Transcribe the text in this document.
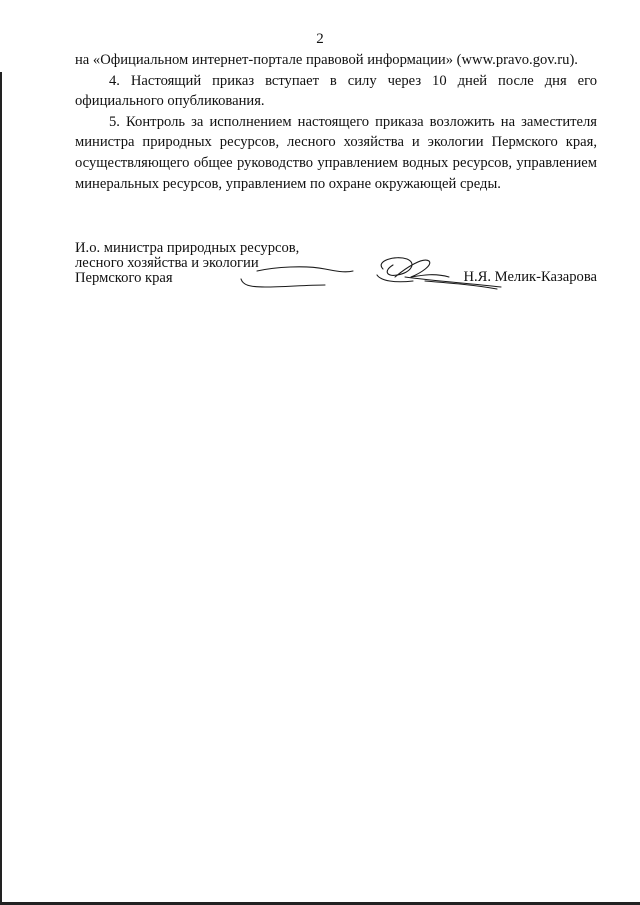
2

на «Официальном интернет-портале правовой информации» (www.pravo.gov.ru).

4. Настоящий приказ вступает в силу через 10 дней после дня его официального опубликования.

5. Контроль за исполнением настоящего приказа возложить на заместителя министра природных ресурсов, лесного хозяйства и экологии Пермского края, осуществляющего общее руководство управлением водных ресурсов, управлением минеральных ресурсов, управлением по охране окружающей среды.

И.о. министра природных ресурсов,
лесного хозяйства и экологии
Пермского края	Н.Я. Мелик-Казарова
